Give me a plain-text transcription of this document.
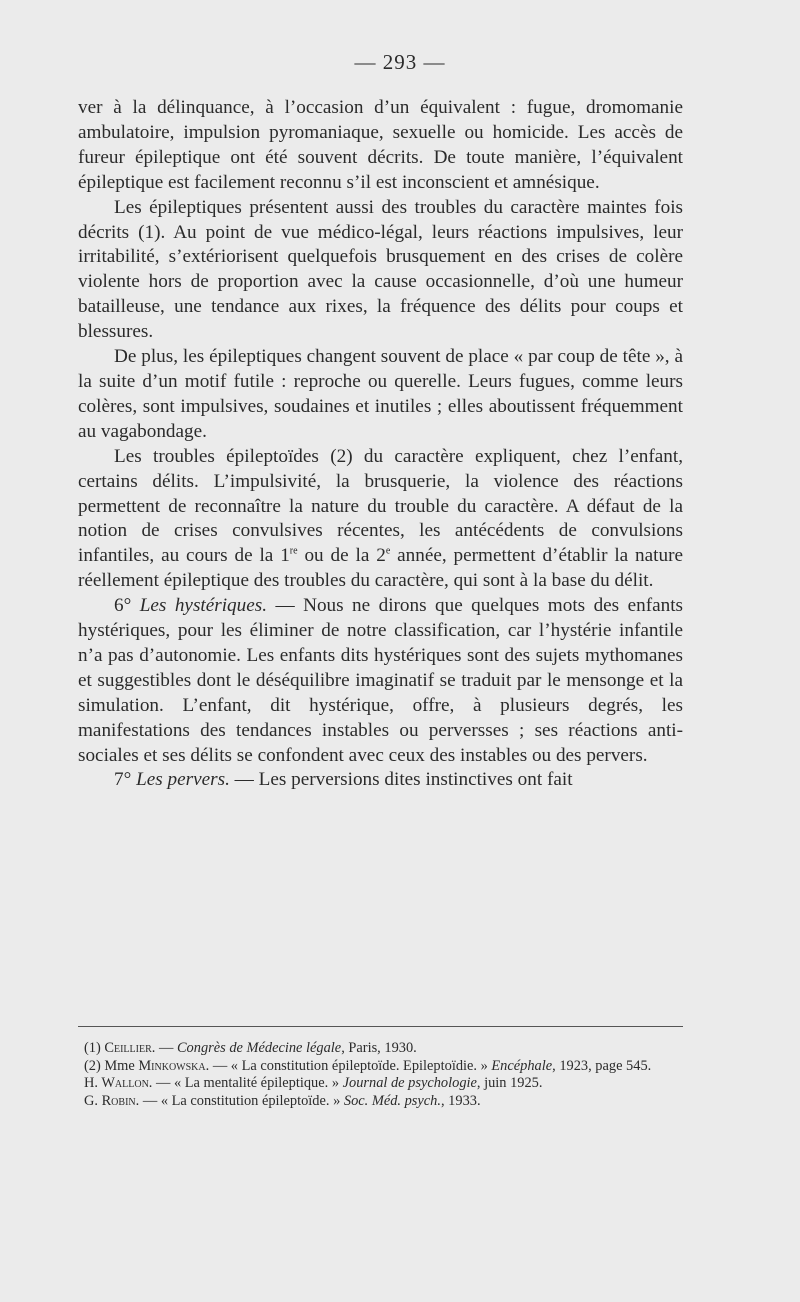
— 293 —

ver à la délinquance, à l’occasion d’un équivalent : fugue, dromomanie ambulatoire, impulsion pyromaniaque, sexuelle ou homicide. Les accès de fureur épileptique ont été souvent décrits. De toute manière, l’équivalent épileptique est facilement reconnu s’il est inconscient et amnésique.

Les épileptiques présentent aussi des troubles du caractère maintes fois décrits (1). Au point de vue médico-légal, leurs réactions impulsives, leur irritabilité, s’extériorisent quelquefois brusquement en des crises de colère violente hors de proportion avec la cause occasionnelle, d’où une humeur batailleuse, une tendance aux rixes, la fréquence des délits pour coups et blessures.

De plus, les épileptiques changent souvent de place « par coup de tête », à la suite d’un motif futile : reproche ou querelle. Leurs fugues, comme leurs colères, sont impulsives, soudaines et inutiles ; elles aboutissent fréquemment au vagabondage.

Les troubles épileptoïdes (2) du caractère expliquent, chez l’enfant, certains délits. L’impulsivité, la brusquerie, la violence des réactions permettent de reconnaître la nature du trouble du caractère. A défaut de la notion de crises convulsives récentes, les antécédents de convulsions infantiles, au cours de la 1re ou de la 2e année, permettent d’établir la nature réellement épileptique des troubles du caractère, qui sont à la base du délit.

6° Les hystériques. — Nous ne dirons que quelques mots des enfants hystériques, pour les éliminer de notre classification, car l’hystérie infantile n’a pas d’autonomie. Les enfants dits hystériques sont des sujets mythomanes et suggestibles dont le déséquilibre imaginatif se traduit par le mensonge et la simulation. L’enfant, dit hystérique, offre, à plusieurs degrés, les manifestations des tendances instables ou perversses ; ses réactions anti-sociales et ses délits se confondent avec ceux des instables ou des pervers.

7° Les pervers. — Les perversions dites instinctives ont fait

(1) Ceillier. — Congrès de Médecine légale, Paris, 1930.

(2) Mme Minkowska. — « La constitution épileptoïde. Epileptoïdie. » Encéphale, 1923, page 545.

H. Wallon. — « La mentalité épileptique. » Journal de psychologie, juin 1925.

G. Robin. — « La constitution épileptoïde. » Soc. Méd. psych., 1933.
